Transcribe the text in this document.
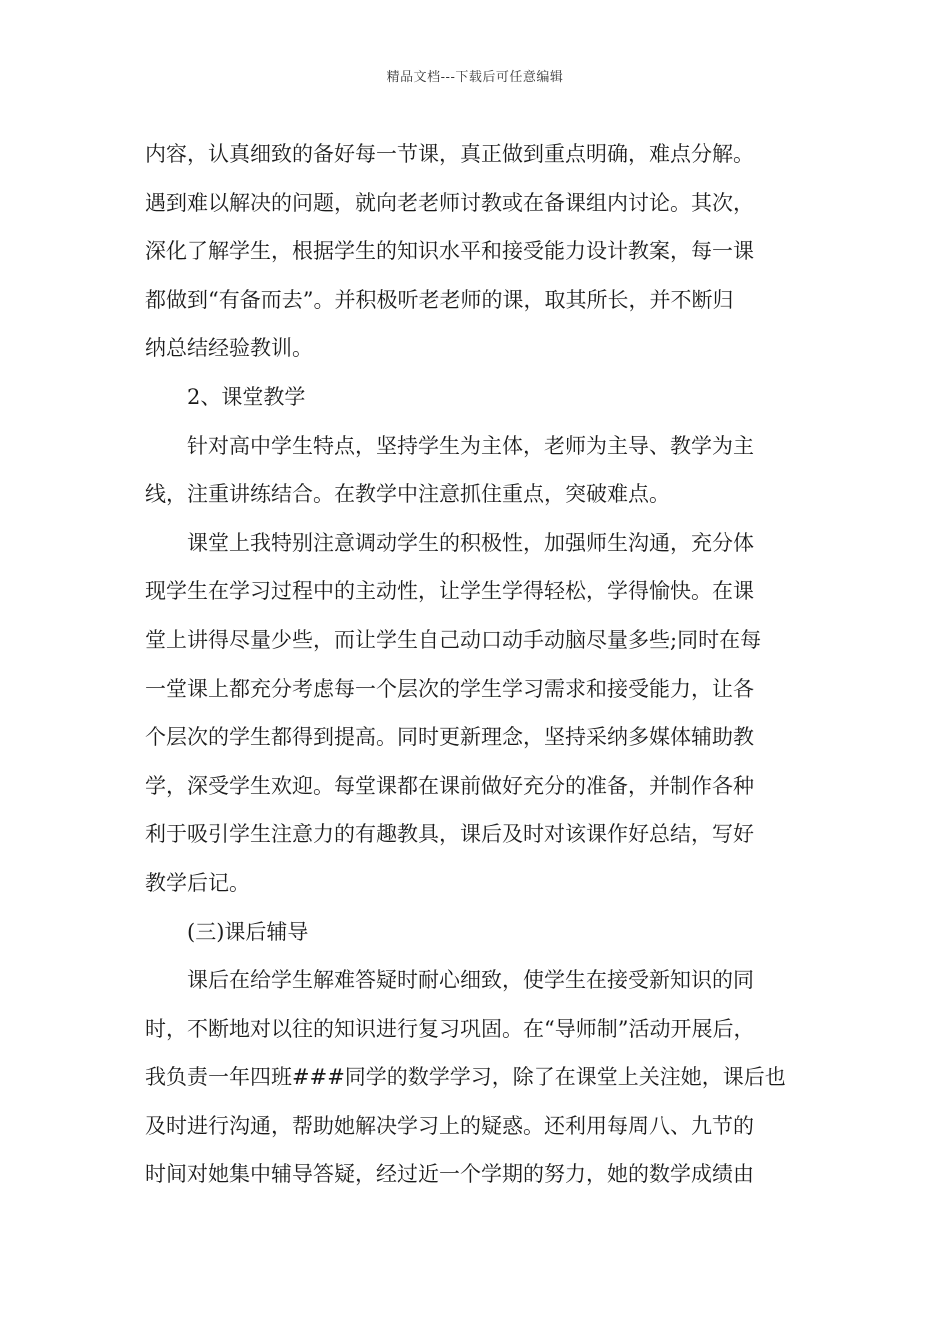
精品文档---下载后可任意编辑
内容，认真细致的备好每一节课，真正做到重点明确，难点分解。
遇到难以解决的问题，就向老老师讨教或在备课组内讨论。其次，
深化了解学生，根据学生的知识水平和接受能力设计教案，每一课
都做到“有备而去”。并积极听老老师的课，取其所长，并不断归
纳总结经验教训。
2、课堂教学
针对高中学生特点，坚持学生为主体，老师为主导、教学为主
线，注重讲练结合。在教学中注意抓住重点，突破难点。
课堂上我特别注意调动学生的积极性，加强师生沟通，充分体
现学生在学习过程中的主动性，让学生学得轻松，学得愉快。在课
堂上讲得尽量少些，而让学生自己动口动手动脑尽量多些;同时在每
一堂课上都充分考虑每一个层次的学生学习需求和接受能力，让各
个层次的学生都得到提高。同时更新理念，坚持采纳多媒体辅助教
学，深受学生欢迎。每堂课都在课前做好充分的准备，并制作各种
利于吸引学生注意力的有趣教具，课后及时对该课作好总结，写好
教学后记。
(三)课后辅导
课后在给学生解难答疑时耐心细致，使学生在接受新知识的同
时，不断地对以往的知识进行复习巩固。在“导师制”活动开展后，
我负责一年四班###同学的数学学习，除了在课堂上关注她，课后也
及时进行沟通，帮助她解决学习上的疑惑。还利用每周八、九节的
时间对她集中辅导答疑，经过近一个学期的努力，她的数学成绩由
